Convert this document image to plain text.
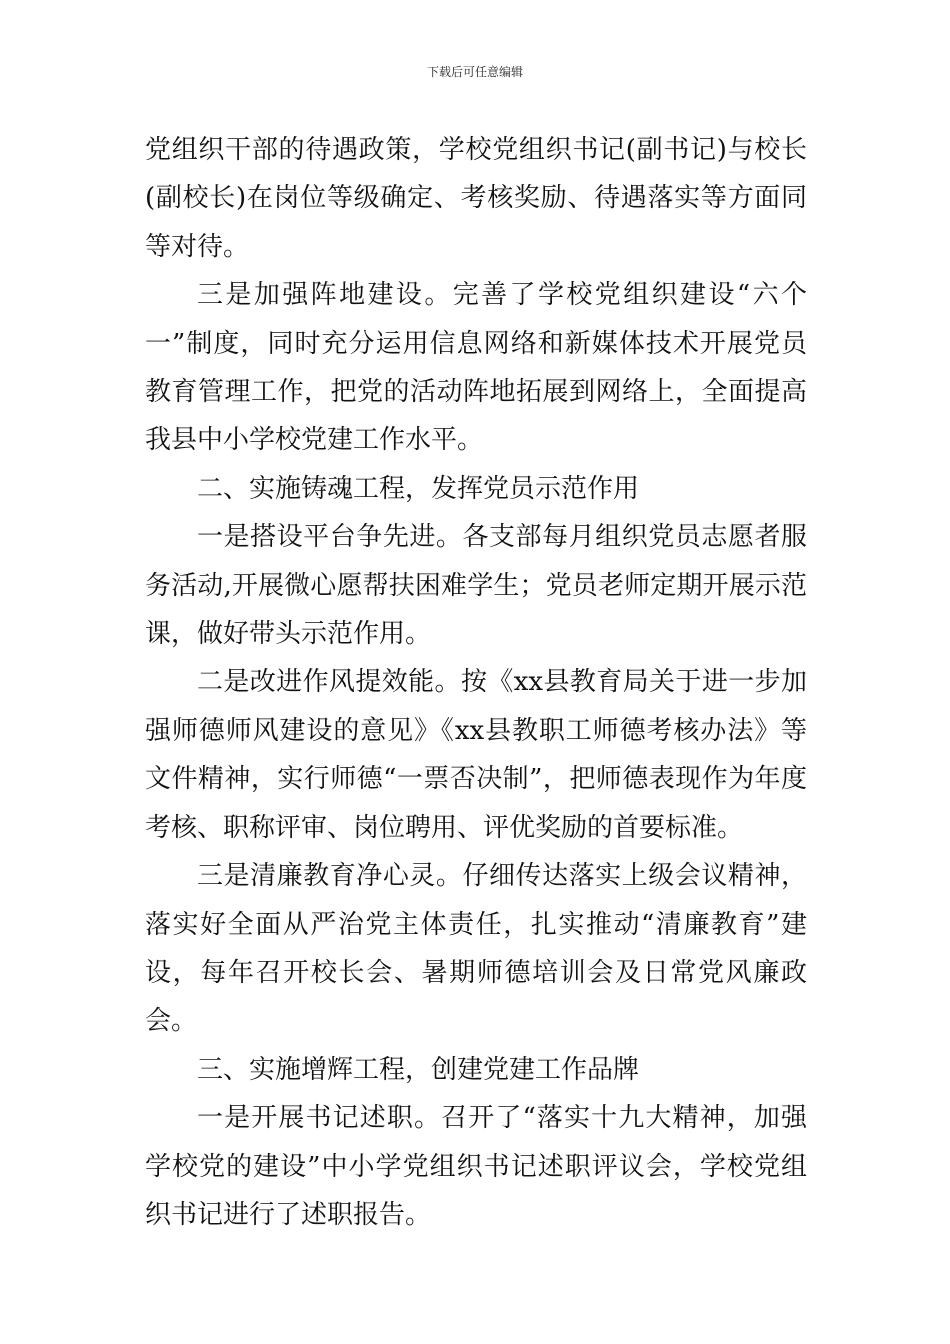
下载后可任意编辑

党组织干部的待遇政策，学校党组织书记(副书记)与校长(副校长)在岗位等级确定、考核奖励、待遇落实等方面同等对待。

三是加强阵地建设。完善了学校党组织建设“六个一”制度，同时充分运用信息网络和新媒体技术开展党员教育管理工作，把党的活动阵地拓展到网络上，全面提高我县中小学校党建工作水平。

二、实施铸魂工程，发挥党员示范作用

一是搭设平台争先进。各支部每月组织党员志愿者服务活动,开展微心愿帮扶困难学生；党员老师定期开展示范课，做好带头示范作用。

二是改进作风提效能。按《xx县教育局关于进一步加强师德师风建设的意见》《xx县教职工师德考核办法》等文件精神，实行师德“一票否决制”，把师德表现作为年度考核、职称评审、岗位聘用、评优奖励的首要标准。

三是清廉教育净心灵。仔细传达落实上级会议精神，落实好全面从严治党主体责任，扎实推动“清廉教育”建设，每年召开校长会、暑期师德培训会及日常党风廉政会。

三、实施增辉工程，创建党建工作品牌

一是开展书记述职。召开了“落实十九大精神，加强学校党的建设”中小学党组织书记述职评议会，学校党组织书记进行了述职报告。
